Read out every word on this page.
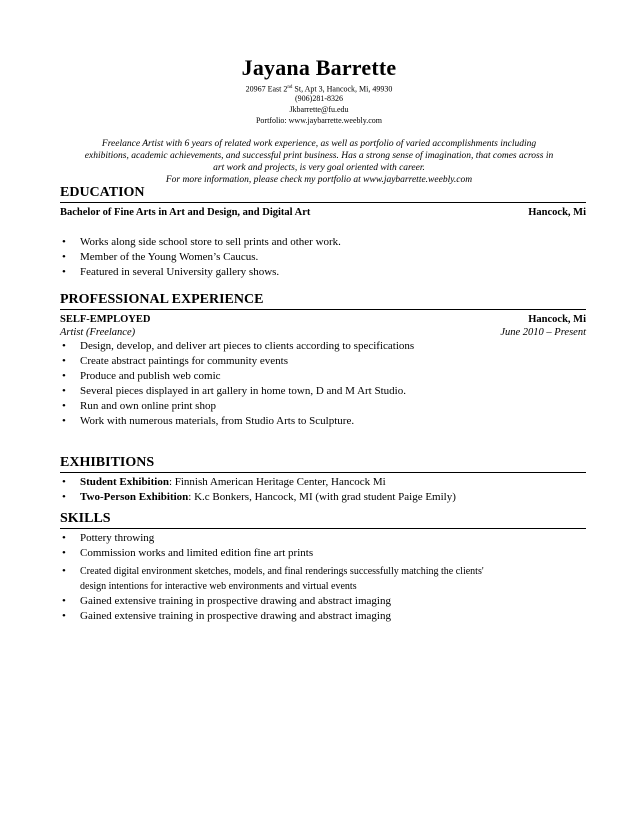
Jayana Barrette
20967 East 2nd St, Apt 3, Hancock, Mi, 49930
(906)281-8326
Jkbarrette@fu.edu
Portfolio: www.jaybarrette.weebly.com
Freelance Artist with 6 years of related work experience, as well as portfolio of varied accomplishments including
exhibitions, academic achievements, and successful print business. Has a strong sense of imagination, that comes across in
art work and projects, is very goal oriented with career.
For more information, please check my portfolio at www.jaybarrette.weebly.com
EDUCATION
Bachelor of Fine Arts in Art and Design, and Digital Art	Hancock, Mi
• Works along side school store to sell prints and other work.
• Member of the Young Women’s Caucus.
• Featured in several University gallery shows.
PROFESSIONAL EXPERIENCE
SELF-EMPLOYED	Hancock, Mi
Artist (Freelance)	June 2010 – Present
• Design, develop, and deliver art pieces to clients according to specifications
• Create abstract paintings for community events
• Produce and publish web comic
• Several pieces displayed in art gallery in home town, D and M Art Studio.
• Run and own online print shop
• Work with numerous materials, from Studio Arts to Sculpture.
EXHIBITIONS
• Student Exhibition: Finnish American Heritage Center, Hancock Mi
• Two-Person Exhibition: K.c Bonkers, Hancock, MI (with grad student Paige Emily)
SKILLS
• Pottery throwing
• Commission works and limited edition fine art prints
• Created digital environment sketches, models, and final renderings successfully matching the clients'
design intentions for interactive web environments and virtual events
• Gained extensive training in prospective drawing and abstract imaging
• Gained extensive training in prospective drawing and abstract imaging
